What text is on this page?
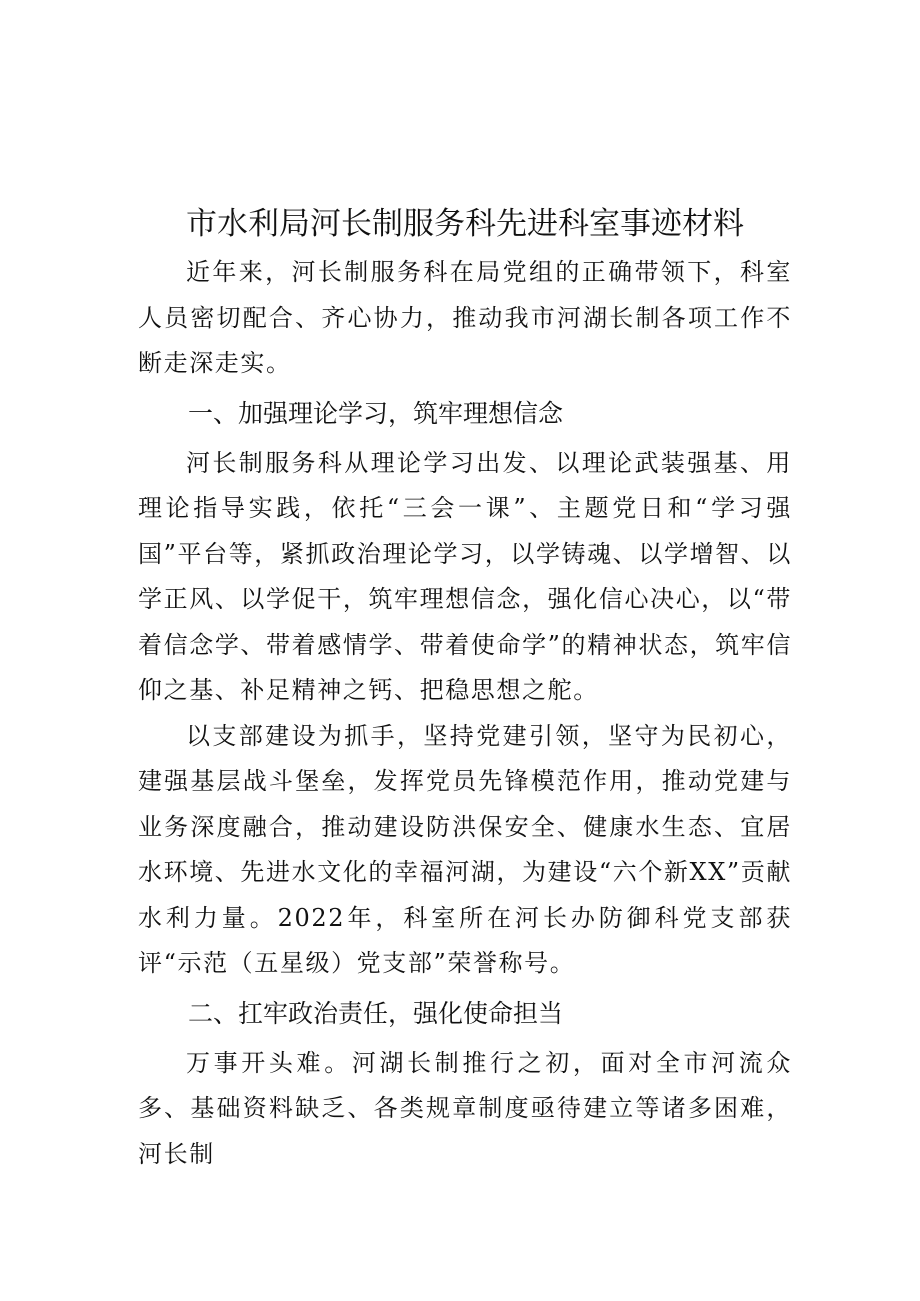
市水利局河长制服务科先进科室事迹材料

近年来，河长制服务科在局党组的正确带领下，科室人员密切配合、齐心协力，推动我市河湖长制各项工作不断走深走实。

一、加强理论学习，筑牢理想信念

河长制服务科从理论学习出发、以理论武装强基、用理论指导实践，依托“三会一课”、主题党日和“学习强国”平台等，紧抓政治理论学习，以学铸魂、以学增智、以学正风、以学促干，筑牢理想信念，强化信心决心，以“带着信念学、带着感情学、带着使命学”的精神状态，筑牢信仰之基、补足精神之钙、把稳思想之舵。

以支部建设为抓手，坚持党建引领，坚守为民初心，建强基层战斗堡垒，发挥党员先锋模范作用，推动党建与业务深度融合，推动建设防洪保安全、健康水生态、宜居水环境、先进水文化的幸福河湖，为建设“六个新XX”贡献水利力量。2022年，科室所在河长办防御科党支部获评“示范（五星级）党支部”荣誉称号。

二、扛牢政治责任，强化使命担当

万事开头难。河湖长制推行之初，面对全市河流众多、基础资料缺乏、各类规章制度亟待建立等诸多困难，河长制
